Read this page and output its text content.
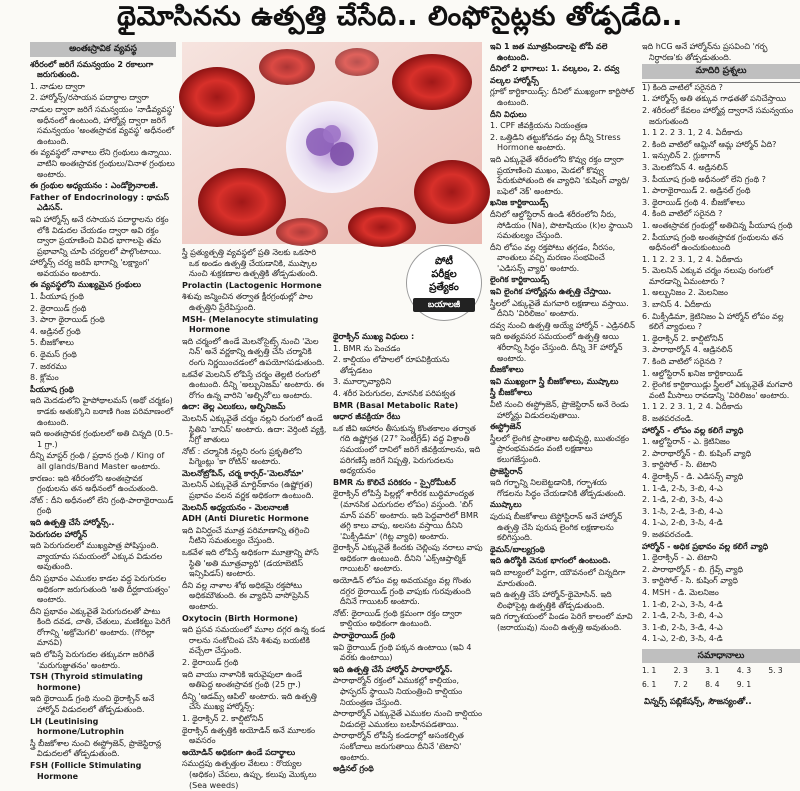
థైమోసినను ఉత్పత్తి చేసేది.. లింఫోసైట్లకు తోడ్పడేది..
అంతఃస్రావిక వ్యవస్థ

శరీరంలో జరిగే సమన్వయం 2 రకాలుగా జరుగుతుంది.

1. నాడుల ద్వారా

2. హార్మోన్స్/రసాయన పదార్థాల ద్వారా

నాడుల ద్వారా జరిగే సమన్వయం 'నాడీవ్యవస్థ' అధీనంలో ఉంటుంది, హార్మోన్ల ద్వారా జరిగే సమన్వయం 'అంతఃస్రావక వ్యవస్థ' అధీనంలో ఉంటుంది.

ఈ వ్యవస్థలో నాళాలు లేని గ్రంథులు ఉన్నాయి. వాటిని అంతఃస్రావక గ్రంథులు/వినాళ గ్రంథులు అంటారు.

ఈ గ్రంథుల అధ్యయనం : ఎండోక్రైనాలజీ.

Father of Endocrinology : థామస్ ఎడిసన్.

ఇవి హార్మోన్స్ అనే రసాయన పదార్థాలను రక్తం లోకి విడుదల చేయడం ద్వారా అవి రక్తం ద్వారా ప్రయాణించి వివిధ భాగాలపై తమ ప్రభావాన్ని చూపి చర్యలలో పాల్గొంటాయి.

హార్మోన్స్ చర్య జరిపే భాగాన్ని 'లక్ష్యాంగ' అవయవం అంటారు.

ఈ వ్యవస్థలోని ముఖ్యమైన గ్రంథులు

1. పీయూష గ్రంథి

2. థైరాయిడ్ గ్రంథి

3. పారా థైరాయిడ్ గ్రంథి

4. అడ్రినల్ గ్రంథి

5. బీజకోశాలు

6. థైమస్ గ్రంథి

7. జఠరము

8. క్లోమం

పీయూష గ్రంథి

ఇది మెదడులోని హైపోథాలమస్ (అథో చర్మకం) కాడకు అతుక్కొని బఠాణి గింజ పరిమాణంలో ఉంటుంది.

ఇది అంతఃస్రావక గ్రంథులలో అతి చిన్నది (0.5-1 గ్రా.)

దీన్ని మాస్టర్ గ్రంథి / ప్రధాన గ్రంథి / King of all glands/Band Master అంటారు.

కారణం: ఇది శరీరంలోని అంతఃస్రావక గ్రంథులను తన అధీనంలో ఉంచుతుంది.

నోట్ : దీని అధీనంలో లేని గ్రంథి-పారాథైరాయిడ్ గ్రంథి

ఇది ఉత్పత్తి చేసే హార్మోన్స్..

పెరుగుదల హార్మోన్

ఇది పెరుగుదలలో ముఖ్యపాత్ర పోషిస్తుంది. వ్యాయామ సమయంలో ఎక్కువ విడుదల అవుతుంది.

దీని ప్రభావం ఎముకల కాడల వద్ద పెరుగుదల అధికంగా జరుగుతుంది 'అతి దీర్ఘకాయత్వం' అంటారు.

దీని ప్రభావం ఎక్కువైతే పెరుగుదలతో పాటు కింది దవడ, చాతి, చేతులు, మణికట్టు పెరిగే రోగాన్ని 'అక్రోమెగలి' అంటారు. (గొరిల్లా మానవి)

ఇది లోపిస్తే పెరుగుదల తక్కువగా జరిగితే 'మరుగుజ్జుతనం' అంటారు.

TSH (Thyroid stimulating hormone)

ఇది థైరాయిడ్ గ్రంథి నుంచి థైరాక్సిన్ అనే హార్మోన్ విడుదలలో తోడ్పడుతుంది.

LH (Leutinising hormone/Lutrophin

స్త్రీ బీజకోశాల నుంచి ఈస్ట్రోజెన్, ప్రొజెస్టిరాన్ల విడుదలలో తోడ్పడుతుంది.

FSH (Follicle Stimulating Hormone

పోటీ
పరీక్షల
ప్రత్యేకం
బయాలజీ

స్త్రీ ప్రత్యుత్పత్తి వ్యవస్థలో ప్రతి నెలకు ఒకసారి ఒక అండం ఉత్పత్తి చేయడానికి, ముష్కాల నుంచి శుక్రకణాల ఉత్పత్తికి తోడ్పడుతుంది.

Prolactin (Lactogenic Hormone

శిశువు జన్మించిన తర్వాత క్షీరగ్రంథుల్లో పాల ఉత్పత్తిని ప్రేరేపిస్తుంది.

MSH- (Melanocyte stimulating Hormone

ఇది చర్మంలో ఉండే మెలనోసైట్స్ నుంచి 'మెల నిన్' అనే వర్ణకాన్ని ఉత్పత్తి చేసి చర్మానికి రంగు నిర్ణయించడంలో ఉపయోగపడుతుంది.

ఒకవేళ మెలనిన్ లోపిస్తే చర్మం తెల్లటి రంగులో ఉంటుంది. దీన్ని 'అల్బునిజమ్' అంటారు. ఈ రోగం ఉన్న వారిని 'అల్బినో'లు అంటారు.

ఉదా: తెల్ల ఎలుకలు, ఆల్బినిజమ్

మెలనిన్ ఎక్కువైతే చర్మం నల్లని రంగులో ఉండే స్థితిని 'బానిస్' అంటారు. ఉదా: వెర్తింటి వ్యక్తి, నీగ్రో జాతులు

నోట్ : చర్మానికి నల్లని రంగు ప్రకృతిలోని పిగ్మెంట్లు 'కా రోటిన్' అంటారు.

మెలనోట్రోపిన్, చర్మ కార్సర్-'మెలనోమా'

మెలనిన్ ఎక్కువైతే మార్టిన్‌కానం (ఉష్ణోగ్రత) ప్రభావం వలన వర్ణక అధికంగా ఉంటుంది.

మెలనిన్ అధ్యయనం - మెలనాలజీ

ADH (Anti Diuretic Hormone

ఇది వినిర్ఘంచే మూత్ర పరిమాణాన్ని తగ్గించి నీటిని సమతుల్యం చేస్తుంది.

ఒకవేళ ఇది లోపిస్తే అధికంగా మూత్రాన్ని పోసే స్థితి 'అతి మూత్రవ్యాధి' (డయాబెటిస్ ఇన్సిపిడస్) అంటారు.

దీని వల్ల నాళాల శోథ అధికమై రక్తపోటు అధికమౌతుంది. ఈ వ్యాధిని వాసోప్రెసిన్ అంటారు.

Oxytocin (Birth Hormone)

ఇది ప్రసవ సమయంలో మూల దగ్గర ఉన్న కండ రాలను సంకోచింప చేసి శిశువు బయటికి వచ్చేలా చేస్తుంది.

2. థైరాయిడ్ గ్రంథి

ఇది వాయు నాళానికి ఇరువైపులా ఉండే అతిపెద్ద అంతఃస్రావక గ్రంథి (25 గ్రా.)

దీన్ని 'ఆడమ్స్ ఆపిల్' అంటారు. ఇది ఉత్పత్తి చేసే ముఖ్య హార్మోన్స్:

1. థైరాక్సిన్ 2. కాల్షిటోనిన్

థైరాక్సిన్ ఉత్పత్తికి అయోడిన్ అనే మూలకం అవసరం

అయోడిన్ అధికంగా ఉండే పదార్థాలు

సముద్రపు ఉత్పత్తుల వేటలు : రొయ్యల (అధికం) చేపలు, ఉప్పు, కలుపు మొక్కలు (Sea weeds)

థైరాక్సిన్ ముఖ్య విధులు :

1. BMR ను పెంచడం

2. కాల్షియం లోపాలలో రూపవిక్రియను తోడ్పడటం

3. మూర్ఛావ్యాధిని

4. శరీర పెరుగుదల, మానసిక పరిపక్వత

BMR (Basal Metabolic Rate)

ఆధార జీవక్రియా రేటు

ఒక జీవి ఆహారం తీసుకున్న కొంతకాలం తర్వాత గది ఉష్ణోగ్రత (27° సెంటీగ్రేడ్) వద్ద విశ్రాంతి సమయంలో దానిలో జరిగే జీవక్రియాలను, ఇది పరిగణిస్తే జరిగే నిష్పత్తి, పెరుగుదలను అధ్యయనం

BMR ను కొలిచే పరికరం - స్పైరోమీటర్

థైరాక్సిన్ లోపిస్తే పిల్లల్లో శారీరక బుద్ధిమాంద్యత (మానసిక ఎదుగుదల లోపం) వస్తుంది. 'బిగ్ మాన్ పవర్' అంటారు. ఇది పెద్దవారిలో BMR తగ్గి కాలు వాపు, అలసట వస్తాయి దీనిని 'మిక్సీడిమా' (గిట్ల వ్యాధి) అంటారు.

థైరాక్సిన్ ఎక్కువైతే కిందకు చెల్లింపు నరాలు వాపు అధికంగా ఉంటుంది. దీనిని 'ఎక్స్‌ఆప్తాల్మిక్ గాయిటర్' అంటారు.

అయోడిన్ లోపం వల్ల అవయవ్యం వల్ల గొంతు దగ్గర థైరాయిడ్ గ్రంథి వాపుకు గురవుతుంది దీనినే గాయిటర్ అంటారు.

నోట్: థైరాయిడ్ గ్రంథి క్రమంగా రక్తం ద్వారా కాల్షియం అధికంగా ఉంటుంది.

పారాథైరాయిడ్ గ్రంథి

ఇవి థైరాయిడ్ గ్రంథి పక్కన ఉంటాయి (ఇవి 4 వరకు ఉంటాయి)

ఇది ఉత్పత్తి చేసే హార్మోన్ పారాథార్మోన్.

పారాథార్మోన్ రక్తంలో ఎముకల్లో కాల్షియం, ఫాస్ఫరస్ స్థాయిని నియంత్రించి కాల్షియం నియంత్రణ చేస్తుంది.

పారాథార్మోన్ ఎక్కువైతే ఎముకల నుంచి కాల్షియం విడుదలై ఎముకలు బలహీనపడతాయి.

పారాథార్మోన్ లోపిస్తే కండరాల్లో అసంకల్పిత సంకోచాలు జరుగుతాయి దీనినే 'టెటాని' అంటారు.

అడ్రినల్ గ్రంథి

ఇవి 1 జత మూత్రపిండాలపై టోపీ వలె ఉంటుంది.

దీనిలో 2 భాగాలు: 1. వల్కలం, 2. దవ్వ

వల్కల హార్మోన్స్

గ్లూకో కార్టికాయిడ్స్: దీనిలో ముఖ్యంగా కార్టిసోల్ ఉంటుంది.

దీని విధులు

1. CPF జీవక్రియను నియంత్రణ

2. ఒత్తిడిని తట్టుకోవడం వల్ల దీన్ని Stress Hormone అంటారు.

ఇది ఎక్కువైతే శరీరంలోని కొవ్వు రక్తం ద్వారా ప్రయాణించి ముఖం, మెడలో కొవ్వు పేరుకుపోతుంది ఈ వ్యాధిని 'కుషింగ్ వ్యాధి/బఫెలో నెక్' అంటారు.

ఖనిజ కార్టికాయిడ్స్

దీనిలో ఆల్డోస్టిరాన్ ఉండి శరీరంలోని నీరు, సోడియం (Na), పొటాషియం (k)ల స్థాయిని సమతుల్యం చేస్తుంది.

దీని లోపం వల్ల రక్తపోటు తగ్గడం, నీరసం, వాంతులు వచ్చి మరణం సంభవించే 'ఎడిసన్స్ వ్యాధి' అంటారు.

లైంగిక కార్టికాయిడ్స్

ఇవి లైంగిక హార్మోన్లను ఉత్పత్తి చేస్తాయి.

స్త్రీలలో ఎక్కువైతే మగవారి లక్షణాలు వస్తాయి. దీనిని 'విరిలిజం' అంటారు.

దవ్వ నుంచి ఉత్పత్తి అయ్యే హార్మోన్ - ఎడ్రినలిన్

ఇది అత్యవసర సమయంలో ఉత్పత్తి అయి శరీరాన్ని సిద్ధం చేస్తుంది. దీన్ని 3F హార్మోన్ అంటారు.

బీజకోశాలు

ఇవి ముఖ్యంగా స్త్రీ బీజకోశాలు, ముష్కాలు

స్త్రీ బీజకోశాలు

వీటి నుంచి ఈస్ట్రోజెన్, ప్రొజెస్టిరాన్ అనే రెండు హార్మోన్లు విడుదలవుతాయి.

ఈస్ట్రోజెన్

స్త్రీలలో లైంగిక ప్రాంతాల అభివృద్ధి, ఋతుచక్రం ప్రారంభమవడం వంటి లక్షణాలు కలుగజేస్తుంది.

ప్రొజెస్టిరాన్

ఇది గర్భాన్ని నిలబెట్టడానికి, గర్భాశయ గోడలను సిద్ధం చేయడానికి తోడ్పడుతుంది.

ముష్కాలు

పురుష బీజకోశాలు టెస్టోస్టిరాన్ అనే హార్మోన్ ఉత్పత్తి చేసి పురుష లైంగిక లక్షణాలను కలిగిస్తుంది.

థైమస్/బాల్యగ్రంథి

ఇది ఉరోస్థికి వెనుక భాగంలో ఉంటుంది.

ఇది బాల్యంలో పెద్దగా, యౌవనంలో చిన్నదిగా మారుతుంది.

ఇది ఉత్పత్తి చేసే హార్మోన్-థైమోసిన్. ఇది లింఫోసైట్ల ఉత్పత్తికి తోడ్పడుతుంది.

ఇది గర్భాశయంలో పిండం పెరిగే కాలంలో మావి (జరాయువు) నుంచి ఉత్పత్తి అవుతుంది.

ఇది hCG అనే హార్మోన్‌ను ప్రసవించి 'గర్భ నిర్ధారణ'కు తోడ్పడుతుంది.

మాదిరి ప్రశ్నలు

1) కింది వాటిలో సరైనది ?

1. హార్మోన్స్ అతి తక్కువ గాఢతతో పనిచేస్తాయి

2. శరీరంలో కేవలం హార్మోన్ల ద్వారానే సమన్వయం జరుగుతుంది

1. 1 2. 2 3. 1, 2 4. ఏదీకాదు

2. కింది వాటిలో ఆమ్లినో ఆమ్ల హార్మోన్ ఏది?

1. ఇన్సులిన్ 2. గ్లుకాగాన్

3. మెలటోనిన్ 4. అడ్రినలిన్

3. పీయూష గ్రంథి అధీనంలో లేని గ్రంథి ?

1. పారాథైరాయిడ్ 2. అడ్రినల్ గ్రంథి

3. థైరాయిడ్ గ్రంథి 4. బీజకోశాలు

4. కింది వాటిలో సరైనది ?

1. అంతఃస్రావక గ్రంథుల్లో అతిచిన్న పీయూష గ్రంథి

2. పీయూష గ్రంథి అంతఃస్రావక గ్రంథులను తన అధీనంలో ఉంచుకుంటుంది

1. 1 2. 2 3. 1, 2 4. ఏదీకాదు

5. మెలనిన్ ఎక్కువ చర్మం నలుపు రంగులో మారడాన్ని ఏమంటారు ?

1. అల్బునిజం 2. మెలనిజం

3. బానిస్ 4. ఏదీకాదు

6. మిక్సీడిమా, క్రెటినిజం ఏ హార్మోన్ లోపం వల్ల కలిగే వ్యాధులు ?

1. థైరాక్సిన్ 2. కాల్షిటోనిన్

3. పారాథార్మోన్ 4. ఆడ్రినలిన్

7. కింది వాటిలో సరైనది ?

1. ఆల్డోస్టిరాన్ ఖనిజ కార్టికాయిడ్

2. లైంగిక కార్టికాయిడ్లు స్త్రీలలో ఎక్కువైతే మగవారి వంటి మీసాలు రావడాన్ని 'విరిలిజం' అంటారు.

1. 1 2. 2 3. 1, 2 4. ఏదీకాదు

8. జతపరచండి.

హార్మోన్ - లోపం వల్ల కలిగే వ్యాధి

1. ఆల్డోస్టిరాన్ - ఎ. క్రెటినిజం

2. పారాథార్మోన్ - బి. కుషింగ్ వ్యాధి

3. కార్టిసోల్ - సి. టెటాని

4. థైరాక్సిన్ - డి. ఎడిసన్స్ వ్యాధి

1. 1-డి, 2-సి, 3-బి, 4-ఎ

2. 1-డి, 2-బి, 3-సి, 4-ఎ

3. 1-సి, 2-డి, 3-బి, 4-ఎ

4. 1-ఎ, 2-బి, 3-సి, 4-డి

9. జతపరచండి.

హార్మోన్ - అధిక ప్రభావం వల్ల కలిగే వ్యాధి

1. థైరాక్సిన్ - ఎ. టెటాని

2. పారాథార్మోన్ - బి. గ్రేవ్స్ వ్యాధి

3. కార్టిసోల్ - సి. కుషింగ్ వ్యాధి

4. MSH - డి. మెలనిజం

1. 1-బి, 2-ఎ, 3-సి, 4-డి

2. 1-డి, 2-సి, 3-బి, 4-ఎ

3. 1-బి, 2-సి, 3-డి, 4-ఎ

4. 1-ఎ, 2-బి, 3-సి, 4-డి

సమాధానాలు
1. 1	2. 3	3. 1	4. 3	5. 3
6. 1	7. 2	8. 4	9. 1
విన్నర్స్ పబ్లికేషన్స్, సౌజన్యంతో..
